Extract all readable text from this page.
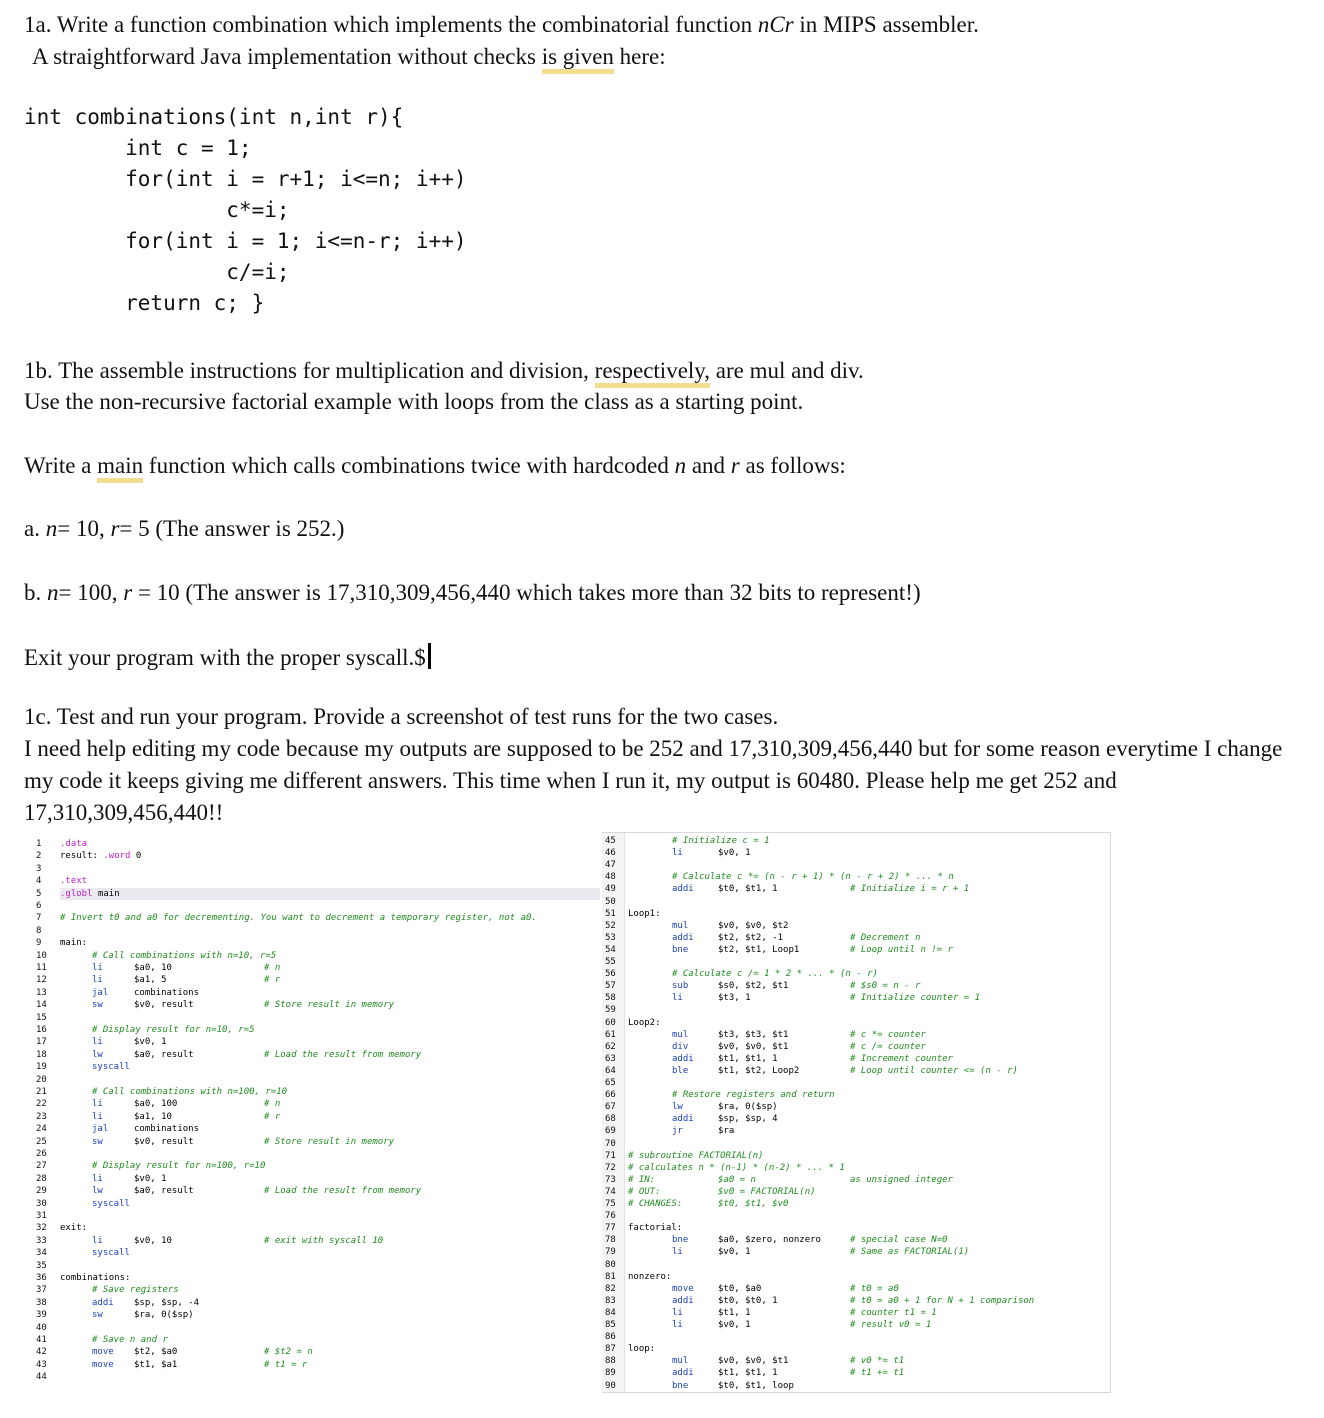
1a. Write a function combination which implements the combinatorial function nCr in MIPS assembler.
A straightforward Java implementation without checks is given here:
int combinations(int n,int r){
int c = 1;
for(int i = r+1; i<=n; i++)
c*=i;
for(int i = 1; i<=n-r; i++)
c/=i;
return c; }
1b. The assemble instructions for multiplication and division, respectively, are mul and div.
Use the non-recursive factorial example with loops from the class as a starting point.
Write a main function which calls combinations twice with hardcoded n and r as follows:
a. n= 10, r= 5 (The answer is 252.)
b. n= 100, r = 10 (The answer is 17,310,309,456,440 which takes more than 32 bits to represent!)
Exit your program with the proper syscall.$
1c. Test and run your program. Provide a screenshot of test runs for the two cases.
I need help editing my code because my outputs are supposed to be 252 and 17,310,309,456,440 but for some reason everytime I change my code it keeps giving me different answers. This time when I run it, my output is 60480. Please help me get 252 and 17,310,309,456,440!!
1	.data
2	result: .word 0
3
4	.text
5	.globl main
6
7	# Invert t0 and a0 for decrementing. You want to decrement a temporary register, not a0.
8
9	main:
10	# Call combinations with n=10, r=5
11	li	$a0, 10	# n
12	li	$a1, 5	# r
13	jal	combinations
14	sw	$v0, result	# Store result in memory
15
16	# Display result for n=10, r=5
17	li	$v0, 1
18	lw	$a0, result	# Load the result from memory
19	syscall
20
21	# Call combinations with n=100, r=10
22	li	$a0, 100	# n
23	li	$a1, 10	# r
24	jal	combinations
25	sw	$v0, result	# Store result in memory
26
27	# Display result for n=100, r=10
28	li	$v0, 1
29	lw	$a0, result	# Load the result from memory
30	syscall
31
32	exit:
33	li	$v0, 10	# exit with syscall 10
34	syscall
35
36	combinations:
37	# Save registers
38	addi $sp, $sp, -4
39	sw	$ra, 0($sp)
40
41	# Save n and r
42	move $t2, $a0	# $t2 = n
43	move $t1, $a1	# t1 = r
44
45	# Initialize c = 1
46	li	$v0, 1
47
48	# Calculate c *= (n - r + 1) * (n - r + 2) * ... * n
49	addi	$t0, $t1, 1	# Initialize i = r + 1
50
51	Loop1:
52	mul	$v0, $v0, $t2
53	addi	$t2, $t2, -1	# Decrement n
54	bne	$t2, $t1, Loop1	# Loop until n != r
55
56	# Calculate c /= 1 * 2 * ... * (n - r)
57	sub	$s0, $t2, $t1	# $s0 = n - r
58	li	$t3, 1	# Initialize counter = 1
59
60	Loop2:
61	mul	$t3, $t3, $t1	# c *= counter
62	div	$v0, $v0, $t1	# c /= counter
63	addi	$t1, $t1, 1	# Increment counter
64	ble	$t1, $t2, Loop2	# Loop until counter <= (n - r)
65
66	# Restore registers and return
67	lw	$ra, 0($sp)
68	addi	$sp, $sp, 4
69	jr	$ra
70
71	# subroutine FACTORIAL(n)
72	# calculates n * (n-1) * (n-2) * ... * 1
73	# IN:	$a0 = n	as unsigned integer
74	# OUT:	$v0 = FACTORIAL(n)
75	# CHANGES:	$t0, $t1, $v0
76
77	factorial:
78	bne	$a0, $zero, nonzero	# special case N=0
79	li	$v0, 1	# Same as FACTORIAL(1)
80
81	nonzero:
82	move	$t0, $a0	# t0 = a0
83	addi	$t0, $t0, 1	# t0 = a0 + 1 for N + 1 comparison
84	li	$t1, 1	# counter t1 = 1
85	li	$v0, 1	# result v0 = 1
86
87	loop:
88	mul	$v0, $v0, $t1	# v0 *= t1
89	addi	$t1, $t1, 1	# t1 += t1
90	bne	$t0, $t1, loop
